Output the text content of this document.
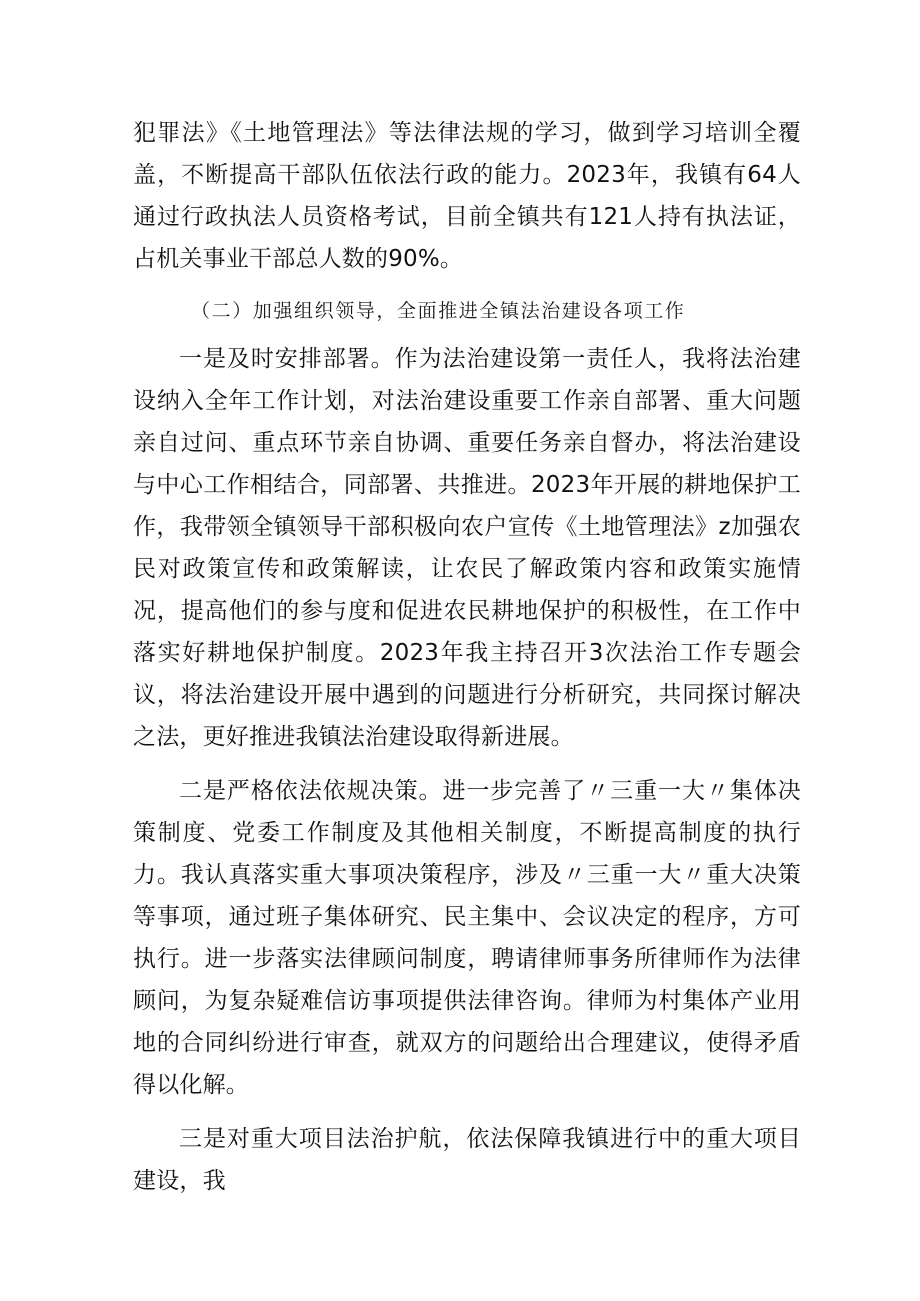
犯罪法》《土地管理法》等法律法规的学习，做到学习培训全覆盖，不断提高干部队伍依法行政的能力。2023年，我镇有64人通过行政执法人员资格考试，目前全镇共有121人持有执法证，占机关事业干部总人数的90%。

（二）加强组织领导，全面推进全镇法治建设各项工作

一是及时安排部署。作为法治建设第一责任人，我将法治建设纳入全年工作计划，对法治建设重要工作亲自部署、重大问题亲自过问、重点环节亲自协调、重要任务亲自督办，将法治建设与中心工作相结合，同部署、共推进。2023年开展的耕地保护工作，我带领全镇领导干部积极向农户宣传《土地管理法》z加强农民对政策宣传和政策解读，让农民了解政策内容和政策实施情况，提高他们的参与度和促进农民耕地保护的积极性，在工作中落实好耕地保护制度。2023年我主持召开3次法治工作专题会议，将法治建设开展中遇到的问题进行分析研究，共同探讨解决之法，更好推进我镇法治建设取得新进展。

二是严格依法依规决策。进一步完善了〃三重一大〃集体决策制度、党委工作制度及其他相关制度，不断提高制度的执行力。我认真落实重大事项决策程序，涉及〃三重一大〃重大决策等事项，通过班子集体研究、民主集中、会议决定的程序，方可执行。进一步落实法律顾问制度，聘请律师事务所律师作为法律顾问，为复杂疑难信访事项提供法律咨询。律师为村集体产业用地的合同纠纷进行审查，就双方的问题给出合理建议，使得矛盾得以化解。

三是对重大项目法治护航，依法保障我镇进行中的重大项目建设，我
